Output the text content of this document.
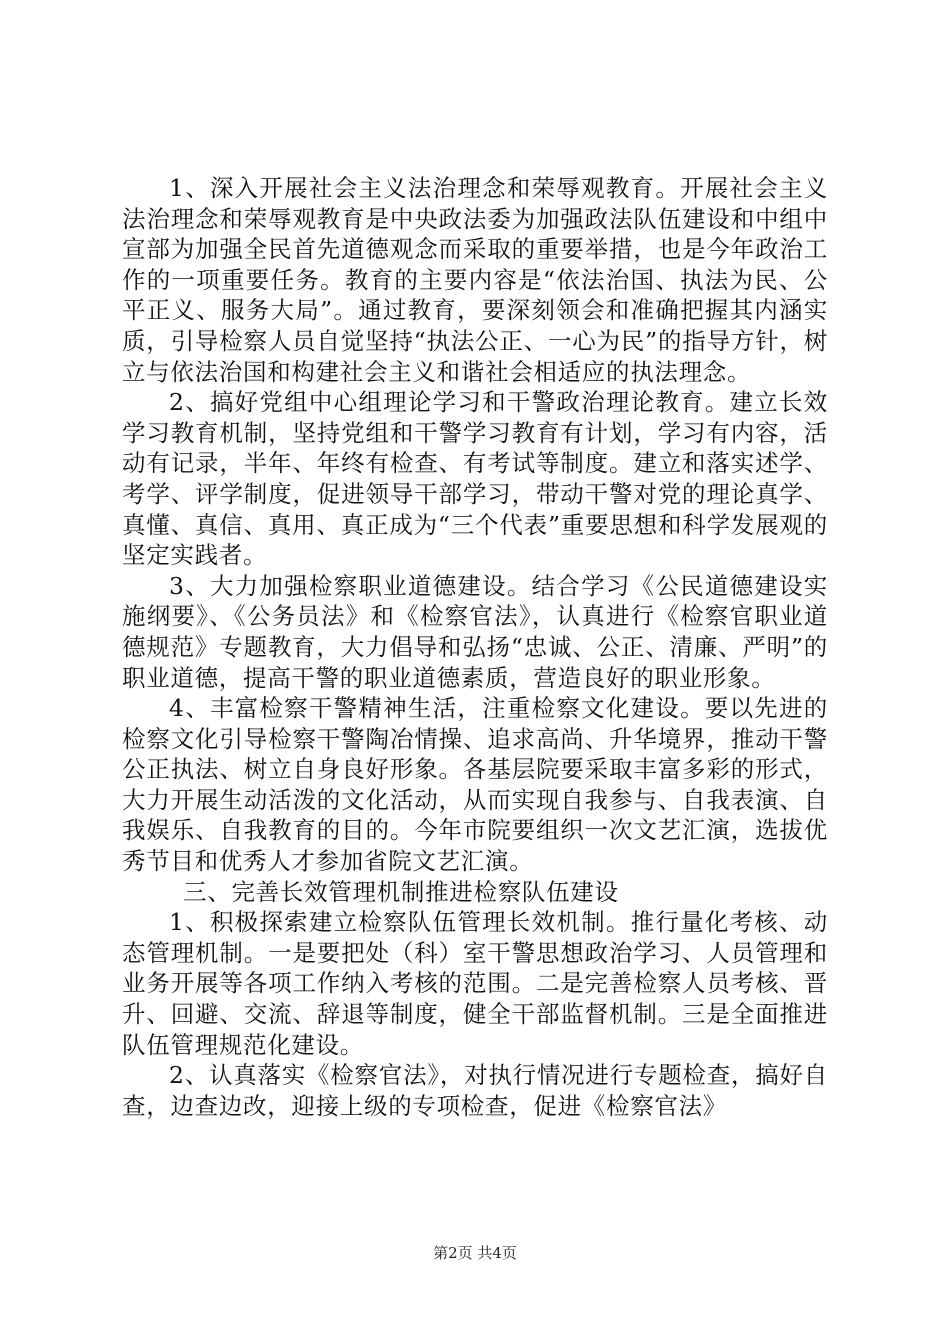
1、深入开展社会主义法治理念和荣辱观教育。开展社会主义法治理念和荣辱观教育是中央政法委为加强政法队伍建设和中组中宣部为加强全民首先道德观念而采取的重要举措，也是今年政治工作的一项重要任务。教育的主要内容是“依法治国、执法为民、公平正义、服务大局”。通过教育，要深刻领会和准确把握其内涵实质，引导检察人员自觉坚持“执法公正、一心为民”的指导方针，树立与依法治国和构建社会主义和谐社会相适应的执法理念。

2、搞好党组中心组理论学习和干警政治理论教育。建立长效学习教育机制，坚持党组和干警学习教育有计划，学习有内容，活动有记录，半年、年终有检查、有考试等制度。建立和落实述学、考学、评学制度，促进领导干部学习，带动干警对党的理论真学、真懂、真信、真用、真正成为“三个代表”重要思想和科学发展观的坚定实践者。

3、大力加强检察职业道德建设。结合学习《公民道德建设实施纲要》、《公务员法》和《检察官法》，认真进行《检察官职业道德规范》专题教育，大力倡导和弘扬“忠诚、公正、清廉、严明”的职业道德，提高干警的职业道德素质，营造良好的职业形象。

4、丰富检察干警精神生活，注重检察文化建设。要以先进的检察文化引导检察干警陶冶情操、追求高尚、升华境界，推动干警公正执法、树立自身良好形象。各基层院要采取丰富多彩的形式，大力开展生动活泼的文化活动，从而实现自我参与、自我表演、自我娱乐、自我教育的目的。今年市院要组织一次文艺汇演，选拔优秀节目和优秀人才参加省院文艺汇演。

三、完善长效管理机制推进检察队伍建设

1、积极探索建立检察队伍管理长效机制。推行量化考核、动态管理机制。一是要把处（科）室干警思想政治学习、人员管理和业务开展等各项工作纳入考核的范围。二是完善检察人员考核、晋升、回避、交流、辞退等制度，健全干部监督机制。三是全面推进队伍管理规范化建设。

2、认真落实《检察官法》，对执行情况进行专题检查，搞好自查，边查边改，迎接上级的专项检查，促进《检察官法》

第2页 共4页
